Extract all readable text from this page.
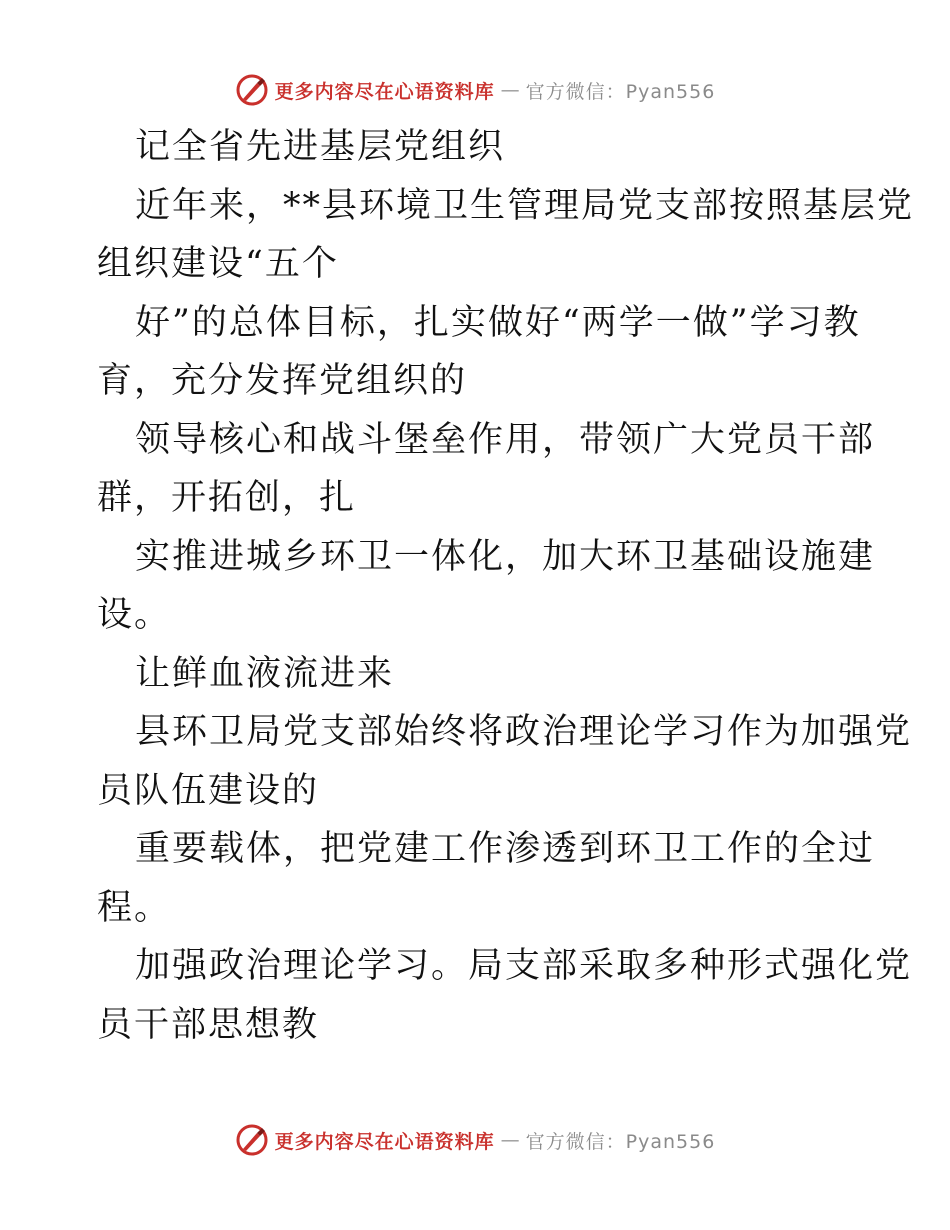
更多内容尽在心语资料库 — 官方微信：Pyan556
记全省先进基层党组织
近年来，**县环境卫生管理局党支部按照基层党
组织建设“五个
好”的总体目标，扎实做好“两学一做”学习教
育，充分发挥党组织的
领导核心和战斗堡垒作用，带领广大党员干部
群，开拓创，扎
实推进城乡环卫一体化，加大环卫基础设施建
设。
让鲜血液流进来
县环卫局党支部始终将政治理论学习作为加强党
员队伍建设的
重要载体，把党建工作渗透到环卫工作的全过
程。
加强政治理论学习。局支部采取多种形式强化党
员干部思想教
更多内容尽在心语资料库 — 官方微信：Pyan556
